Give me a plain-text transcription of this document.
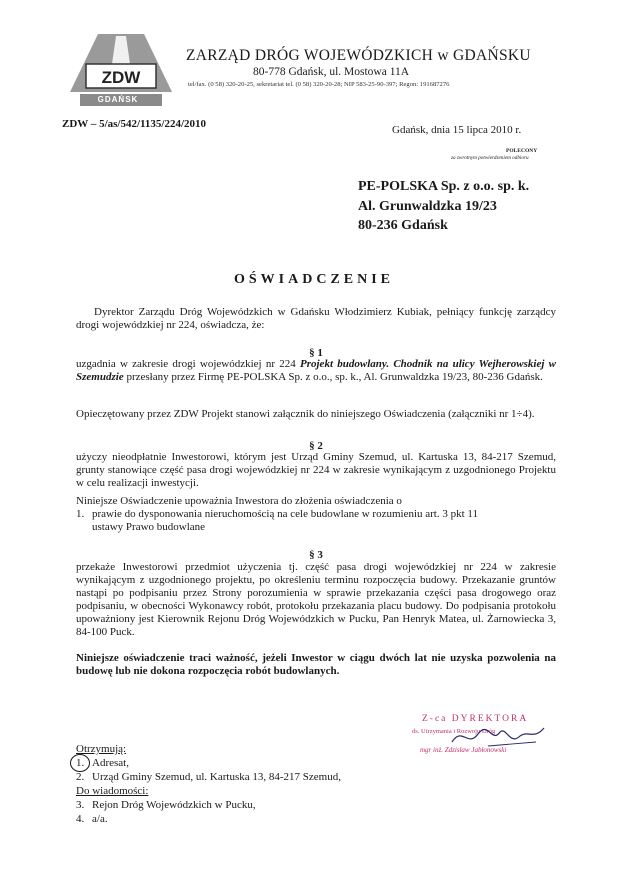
ZDW
GDAŃSK
ZARZĄD DRÓG WOJEWÓDZKICH w GDAŃSKU
80-778 Gdańsk, ul. Mostowa 11A
tel/fax. (0 58) 320-20-25, sekretariat tel. (0 58) 320-20-28; NIP 583-25-90-397; Regon: 191687276
ZDW – 5/as/542/1135/224/2010	Gdańsk, dnia 15 lipca 2010 r.
POLECONY
za zwrotnym potwierdzeniem odbioru
PE-POLSKA Sp. z o.o. sp. k.
Al. Grunwaldzka 19/23
80-236 Gdańsk
OŚWIADCZENIE
Dyrektor Zarządu Dróg Wojewódzkich w Gdańsku Włodzimierz Kubiak, pełniący funkcję zarządcy drogi wojewódzkiej nr 224, oświadcza, że:
§ 1
uzgadnia w zakresie drogi wojewódzkiej nr 224 Projekt budowlany. Chodnik na ulicy Wejherowskiej w Szemudzie przesłany przez Firmę PE-POLSKA Sp. z o.o., sp. k., Al. Grunwaldzka 19/23, 80-236 Gdańsk.
Opieczętowany przez ZDW Projekt stanowi załącznik do niniejszego Oświadczenia (załączniki nr 1÷4).
§ 2
użyczy nieodpłatnie Inwestorowi, którym jest Urząd Gminy Szemud, ul. Kartuska 13, 84-217 Szemud, grunty stanowiące część pasa drogi wojewódzkiej nr 224 w zakresie wynikającym z uzgodnionego Projektu w celu realizacji inwestycji.
Niniejsze Oświadczenie upoważnia Inwestora do złożenia oświadczenia o
1. prawie do dysponowania nieruchomością na cele budowlane w rozumieniu art. 3 pkt 11
ustawy Prawo budowlane
§ 3
przekaże Inwestorowi przedmiot użyczenia tj. część pasa drogi wojewódzkiej nr 224 w zakresie wynikającym z uzgodnionego projektu, po określeniu terminu rozpoczęcia budowy. Przekazanie gruntów nastąpi po podpisaniu przez Strony porozumienia w sprawie przekazania części pasa drogowego oraz podpisaniu, w obecności Wykonawcy robót, protokołu przekazania placu budowy. Do podpisania protokołu upoważniony jest Kierownik Rejonu Dróg Wojewódzkich w Pucku, Pan Henryk Matea, ul. Żarnowiecka 3, 84-100 Puck.
Niniejsze oświadczenie traci ważność, jeżeli Inwestor w ciągu dwóch lat nie uzyska pozwolenia na budowę lub nie dokona rozpoczęcia robót budowlanych.
Z-ca DYREKTORA
ds. Utrzymania i Rozwoju Dróg
mgr inż. Zdzisław Jabłonowski
Otrzymują:
1. Adresat,
2. Urząd Gminy Szemud, ul. Kartuska 13, 84-217 Szemud,
Do wiadomości:
3. Rejon Dróg Wojewódzkich w Pucku,
4. a/a.
